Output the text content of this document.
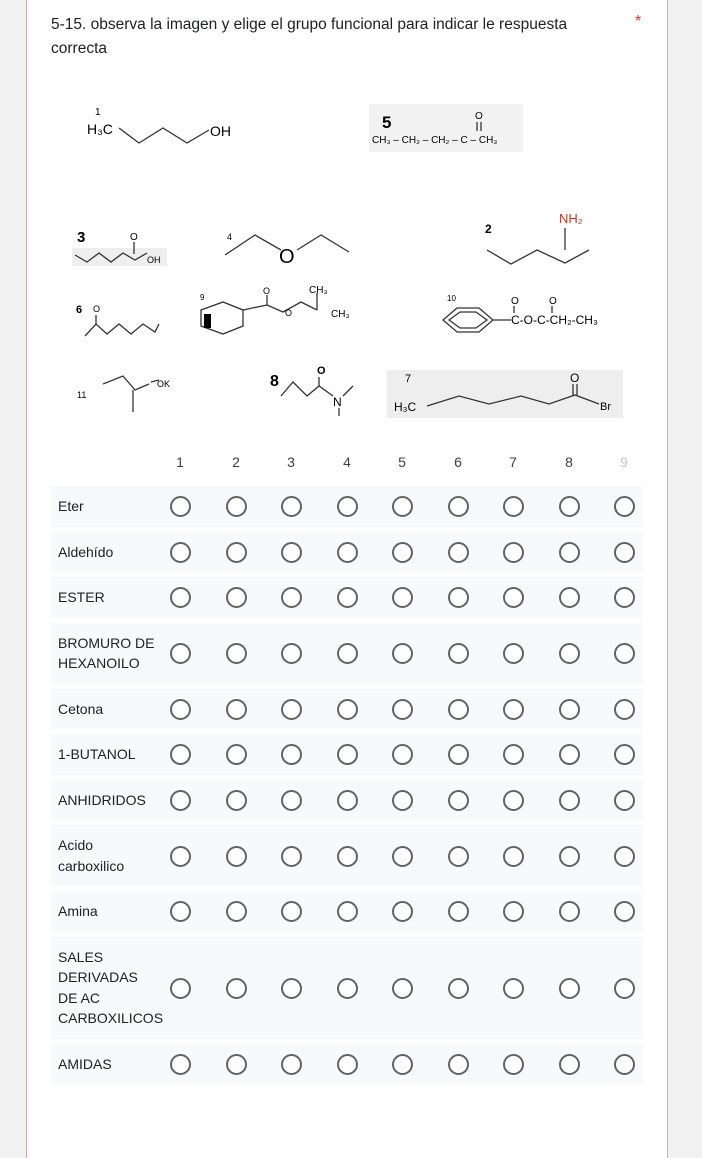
5-15. observa la imagen y elige el grupo funcional para indicar le respuesta correcta
*
1
H₃C	OH	5
CH₃ – CH₂ – CH₂ – C – CH₃
O
3	O
OH
4
O
2
NH₂
6 O
9
O
O
CH₃
CH₃
10
C-O-C-CH₂-CH₃
O	O
11
OK	8
O
N
7
H₃C
O
Br
1	2	3	4	5	6	7	8	9
Eter
Aldehído
ESTER
BROMURO DE HEXANOILO
Cetona
1-BUTANOL
ANHIDRIDOS
Acido carboxilico
Amina
SALES DERIVADAS DE AC CARBOXILICOS
AMIDAS
